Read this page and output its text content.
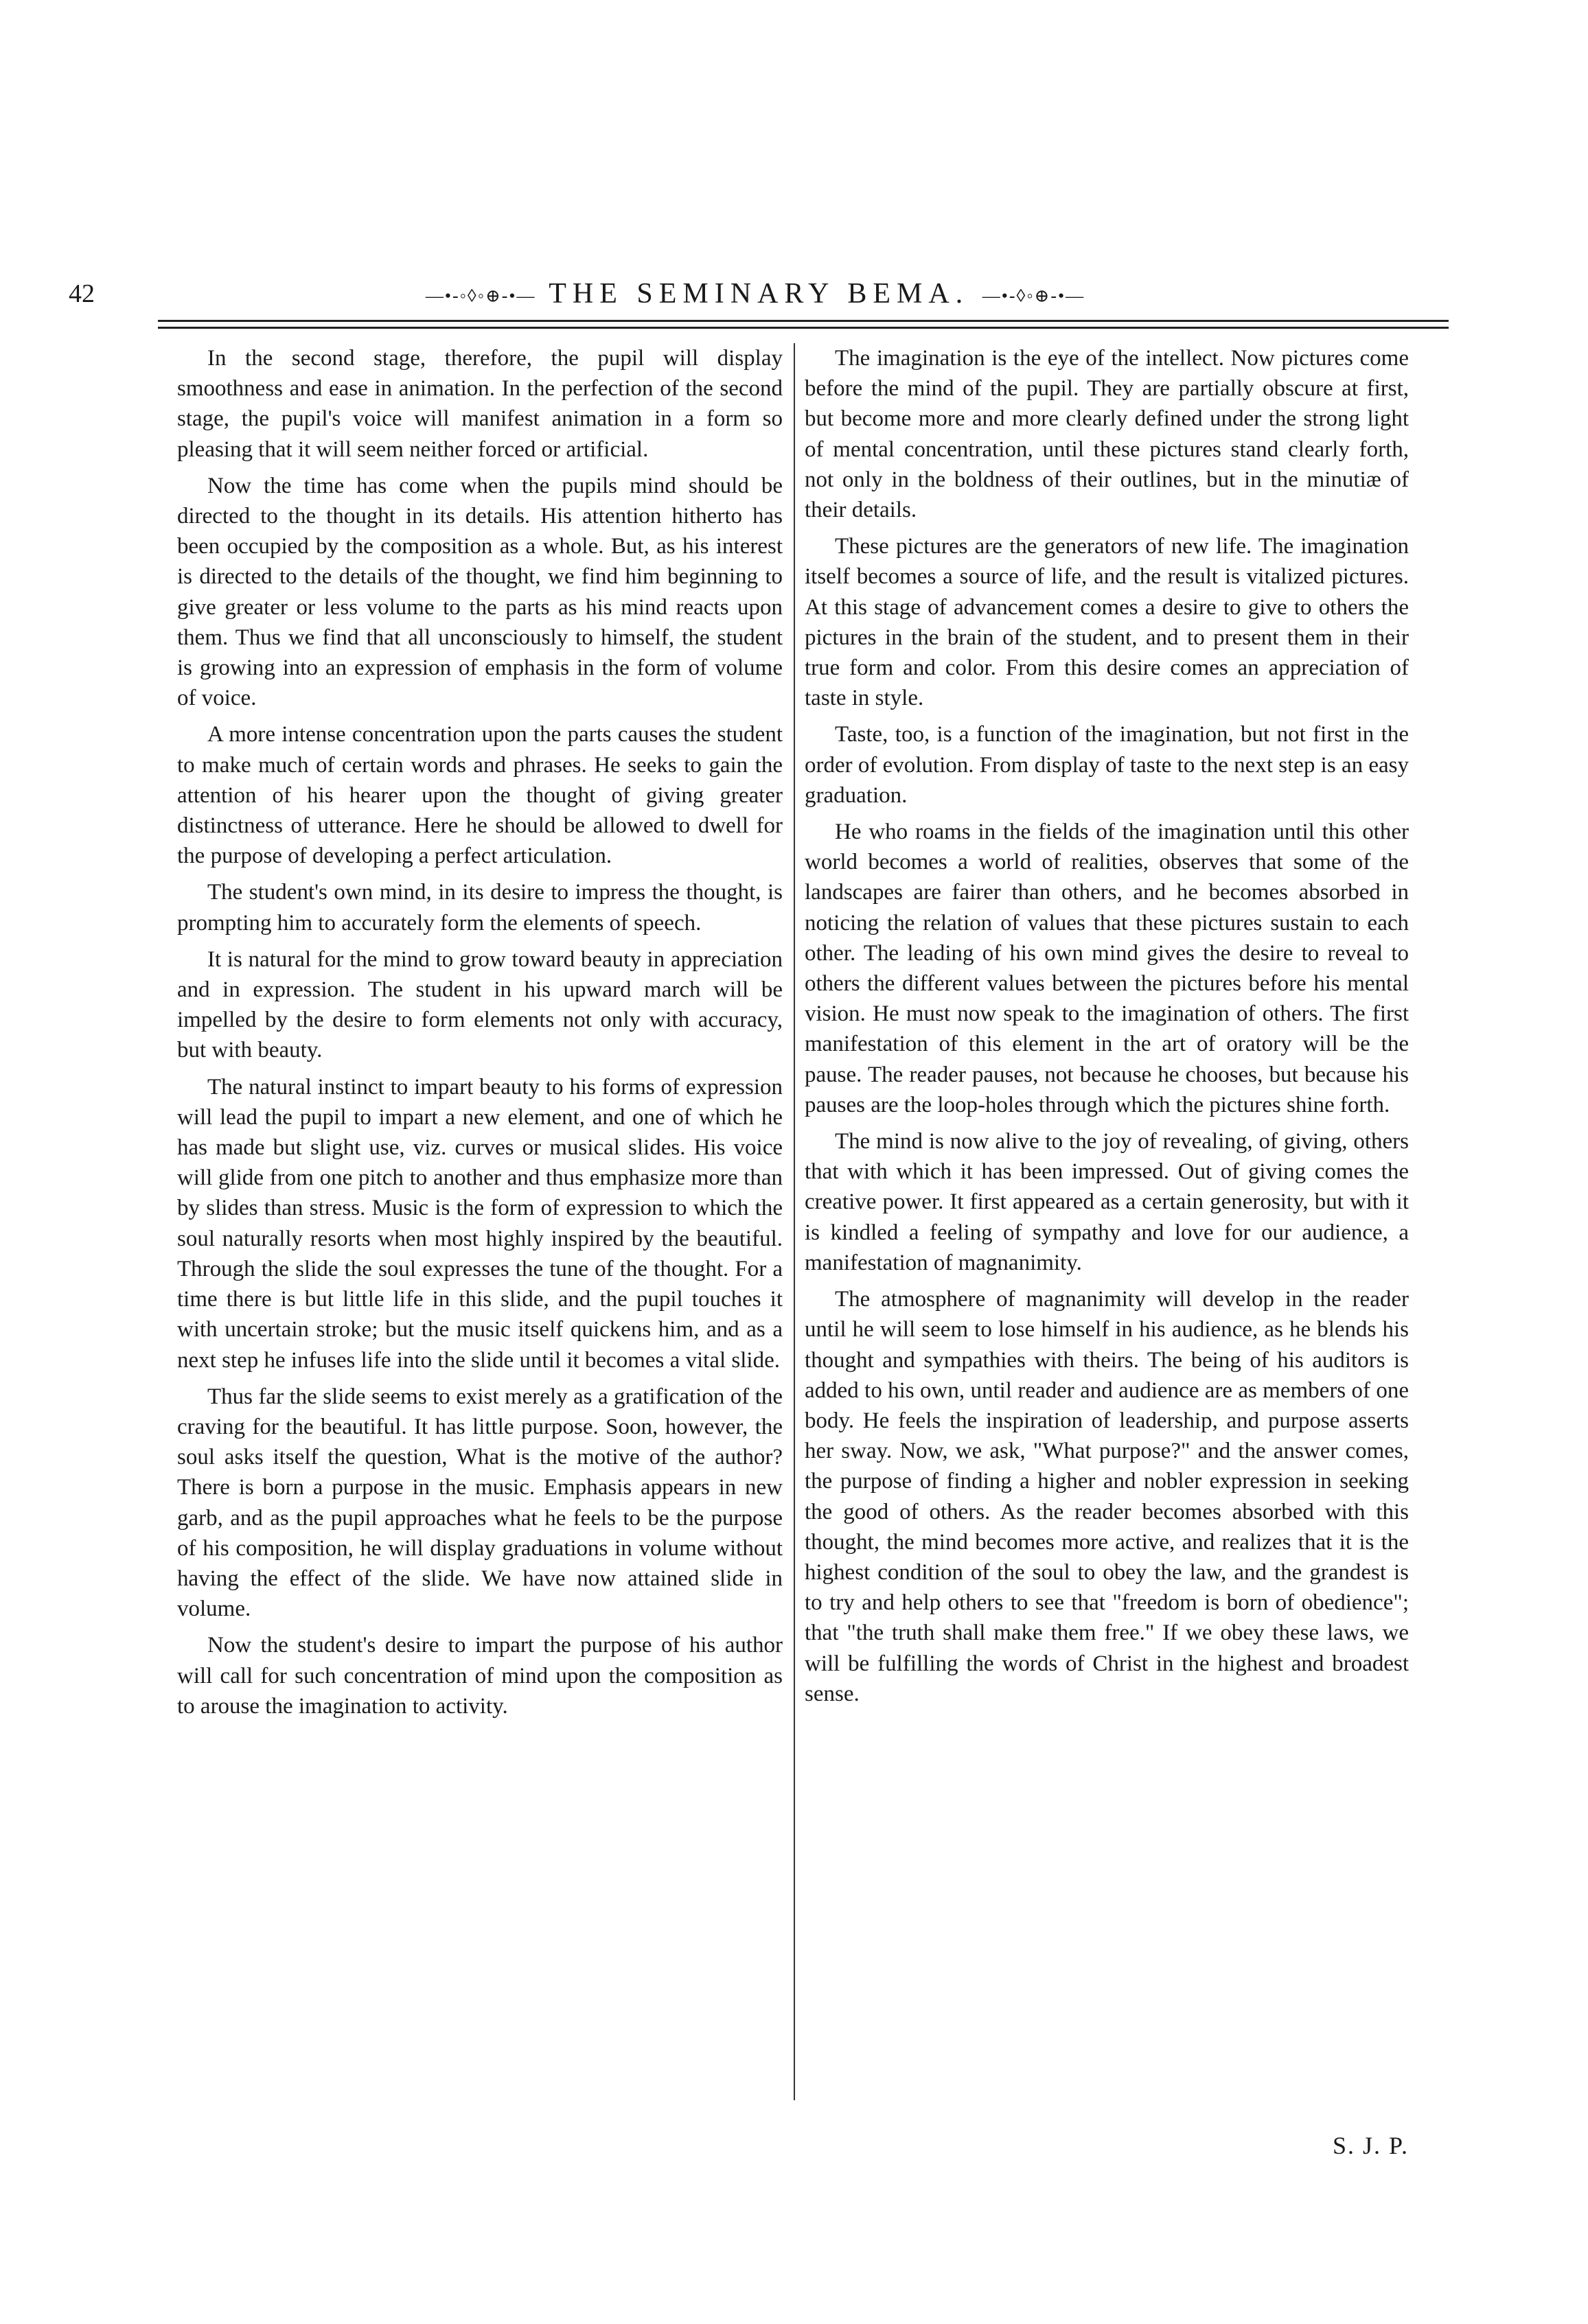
42	—•-◦◊◦⊕-•— THE SEMINARY BEMA. —•-◊◦⊕-•—

In the second stage, therefore, the pupil will display smoothness and ease in animation. In the perfection of the second stage, the pupil's voice will manifest animation in a form so pleasing that it will seem neither forced or artificial.

Now the time has come when the pupils mind should be directed to the thought in its details. His attention hitherto has been occupied by the composition as a whole. But, as his interest is directed to the details of the thought, we find him beginning to give greater or less volume to the parts as his mind reacts upon them. Thus we find that all unconsciously to himself, the student is growing into an expression of emphasis in the form of volume of voice.

A more intense concentration upon the parts causes the student to make much of certain words and phrases. He seeks to gain the attention of his hearer upon the thought of giving greater distinctness of utterance. Here he should be allowed to dwell for the purpose of developing a perfect articulation.

The student's own mind, in its desire to impress the thought, is prompting him to accurately form the elements of speech.

It is natural for the mind to grow toward beauty in appreciation and in expression. The student in his upward march will be impelled by the desire to form elements not only with accuracy, but with beauty.

The natural instinct to impart beauty to his forms of expression will lead the pupil to impart a new element, and one of which he has made but slight use, viz. curves or musical slides. His voice will glide from one pitch to another and thus emphasize more than by slides than stress. Music is the form of expression to which the soul naturally resorts when most highly inspired by the beautiful. Through the slide the soul expresses the tune of the thought. For a time there is but little life in this slide, and the pupil touches it with uncertain stroke; but the music itself quickens him, and as a next step he infuses life into the slide until it becomes a vital slide.

Thus far the slide seems to exist merely as a gratification of the craving for the beautiful. It has little purpose. Soon, however, the soul asks itself the question, What is the motive of the author? There is born a purpose in the music. Emphasis appears in new garb, and as the pupil approaches what he feels to be the purpose of his composition, he will display graduations in volume without having the effect of the slide. We have now attained slide in volume.

Now the student's desire to impart the purpose of his author will call for such concentration of mind upon the composition as to arouse the imagination to activity.

The imagination is the eye of the intellect. Now pictures come before the mind of the pupil. They are partially obscure at first, but become more and more clearly defined under the strong light of mental concentration, until these pictures stand clearly forth, not only in the boldness of their outlines, but in the minutiæ of their details.

These pictures are the generators of new life. The imagination itself becomes a source of life, and the result is vitalized pictures. At this stage of advancement comes a desire to give to others the pictures in the brain of the student, and to present them in their true form and color. From this desire comes an appreciation of taste in style.

Taste, too, is a function of the imagination, but not first in the order of evolution. From display of taste to the next step is an easy graduation.

He who roams in the fields of the imagination until this other world becomes a world of realities, observes that some of the landscapes are fairer than others, and he becomes absorbed in noticing the relation of values that these pictures sustain to each other. The leading of his own mind gives the desire to reveal to others the different values between the pictures before his mental vision. He must now speak to the imagination of others. The first manifestation of this element in the art of oratory will be the pause. The reader pauses, not because he chooses, but because his pauses are the loop-holes through which the pictures shine forth.

The mind is now alive to the joy of revealing, of giving, others that with which it has been impressed. Out of giving comes the creative power. It first appeared as a certain generosity, but with it is kindled a feeling of sympathy and love for our audience, a manifestation of magnanimity.

The atmosphere of magnanimity will develop in the reader until he will seem to lose himself in his audience, as he blends his thought and sympathies with theirs. The being of his auditors is added to his own, until reader and audience are as members of one body. He feels the inspiration of leadership, and purpose asserts her sway. Now, we ask, "What purpose?" and the answer comes, the purpose of finding a higher and nobler expression in seeking the good of others. As the reader becomes absorbed with this thought, the mind becomes more active, and realizes that it is the highest condition of the soul to obey the law, and the grandest is to try and help others to see that "freedom is born of obedience"; that "the truth shall make them free." If we obey these laws, we will be fulfilling the words of Christ in the highest and broadest sense.

S. J. P.
